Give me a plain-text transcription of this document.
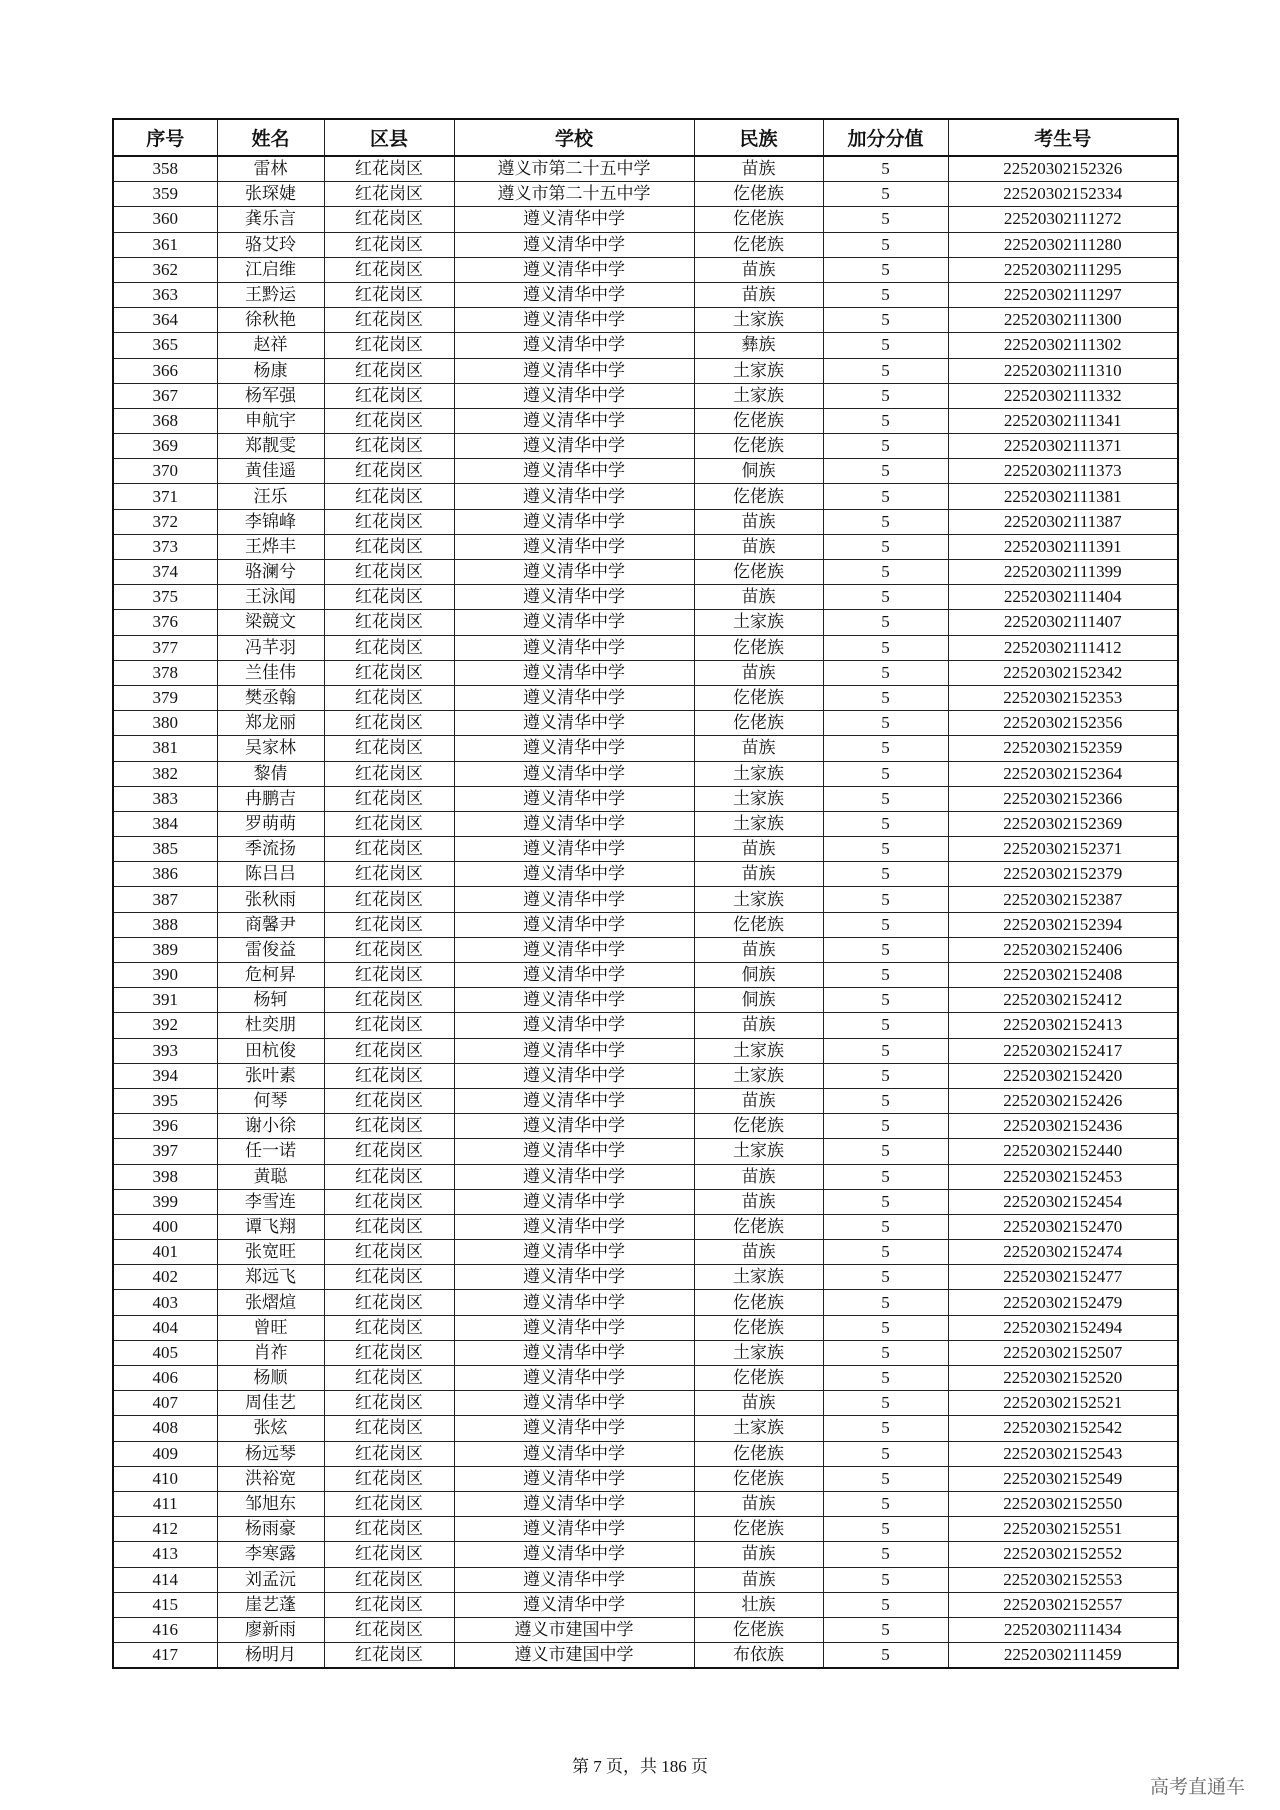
序号	姓名	区县	学校	民族	加分分值	考生号
358	雷林	红花岗区	遵义市第二十五中学	苗族	5	22520302152326
359	张琛婕	红花岗区	遵义市第二十五中学	仡佬族	5	22520302152334
360	龚乐言	红花岗区	遵义清华中学	仡佬族	5	22520302111272
361	骆艾玲	红花岗区	遵义清华中学	仡佬族	5	22520302111280
362	江启维	红花岗区	遵义清华中学	苗族	5	22520302111295
363	王黔运	红花岗区	遵义清华中学	苗族	5	22520302111297
364	徐秋艳	红花岗区	遵义清华中学	土家族	5	22520302111300
365	赵祥	红花岗区	遵义清华中学	彝族	5	22520302111302
366	杨康	红花岗区	遵义清华中学	土家族	5	22520302111310
367	杨军强	红花岗区	遵义清华中学	土家族	5	22520302111332
368	申航宇	红花岗区	遵义清华中学	仡佬族	5	22520302111341
369	郑靓雯	红花岗区	遵义清华中学	仡佬族	5	22520302111371
370	黄佳遥	红花岗区	遵义清华中学	侗族	5	22520302111373
371	汪乐	红花岗区	遵义清华中学	仡佬族	5	22520302111381
372	李锦峰	红花岗区	遵义清华中学	苗族	5	22520302111387
373	王烨丰	红花岗区	遵义清华中学	苗族	5	22520302111391
374	骆澜兮	红花岗区	遵义清华中学	仡佬族	5	22520302111399
375	王泳闻	红花岗区	遵义清华中学	苗族	5	22520302111404
376	梁競文	红花岗区	遵义清华中学	土家族	5	22520302111407
377	冯芊羽	红花岗区	遵义清华中学	仡佬族	5	22520302111412
378	兰佳伟	红花岗区	遵义清华中学	苗族	5	22520302152342
379	樊丞翰	红花岗区	遵义清华中学	仡佬族	5	22520302152353
380	郑龙丽	红花岗区	遵义清华中学	仡佬族	5	22520302152356
381	吴家林	红花岗区	遵义清华中学	苗族	5	22520302152359
382	黎倩	红花岗区	遵义清华中学	土家族	5	22520302152364
383	冉鹏吉	红花岗区	遵义清华中学	土家族	5	22520302152366
384	罗萌萌	红花岗区	遵义清华中学	土家族	5	22520302152369
385	季流扬	红花岗区	遵义清华中学	苗族	5	22520302152371
386	陈吕吕	红花岗区	遵义清华中学	苗族	5	22520302152379
387	张秋雨	红花岗区	遵义清华中学	土家族	5	22520302152387
388	商馨尹	红花岗区	遵义清华中学	仡佬族	5	22520302152394
389	雷俊益	红花岗区	遵义清华中学	苗族	5	22520302152406
390	危柯昇	红花岗区	遵义清华中学	侗族	5	22520302152408
391	杨轲	红花岗区	遵义清华中学	侗族	5	22520302152412
392	杜奕朋	红花岗区	遵义清华中学	苗族	5	22520302152413
393	田杭俊	红花岗区	遵义清华中学	土家族	5	22520302152417
394	张叶素	红花岗区	遵义清华中学	土家族	5	22520302152420
395	何琴	红花岗区	遵义清华中学	苗族	5	22520302152426
396	谢小徐	红花岗区	遵义清华中学	仡佬族	5	22520302152436
397	任一诺	红花岗区	遵义清华中学	土家族	5	22520302152440
398	黄聪	红花岗区	遵义清华中学	苗族	5	22520302152453
399	李雪连	红花岗区	遵义清华中学	苗族	5	22520302152454
400	谭飞翔	红花岗区	遵义清华中学	仡佬族	5	22520302152470
401	张宽旺	红花岗区	遵义清华中学	苗族	5	22520302152474
402	郑远飞	红花岗区	遵义清华中学	土家族	5	22520302152477
403	张熠煊	红花岗区	遵义清华中学	仡佬族	5	22520302152479
404	曾旺	红花岗区	遵义清华中学	仡佬族	5	22520302152494
405	肖祚	红花岗区	遵义清华中学	土家族	5	22520302152507
406	杨顺	红花岗区	遵义清华中学	仡佬族	5	22520302152520
407	周佳艺	红花岗区	遵义清华中学	苗族	5	22520302152521
408	张炫	红花岗区	遵义清华中学	土家族	5	22520302152542
409	杨远琴	红花岗区	遵义清华中学	仡佬族	5	22520302152543
410	洪裕宽	红花岗区	遵义清华中学	仡佬族	5	22520302152549
411	邹旭东	红花岗区	遵义清华中学	苗族	5	22520302152550
412	杨雨豪	红花岗区	遵义清华中学	仡佬族	5	22520302152551
413	李寒露	红花岗区	遵义清华中学	苗族	5	22520302152552
414	刘孟沅	红花岗区	遵义清华中学	苗族	5	22520302152553
415	崖艺蓬	红花岗区	遵义清华中学	壮族	5	22520302152557
416	廖新雨	红花岗区	遵义市建国中学	仡佬族	5	22520302111434
417	杨明月	红花岗区	遵义市建国中学	布依族	5	22520302111459
第 7 页，共 186 页
高考直通车
